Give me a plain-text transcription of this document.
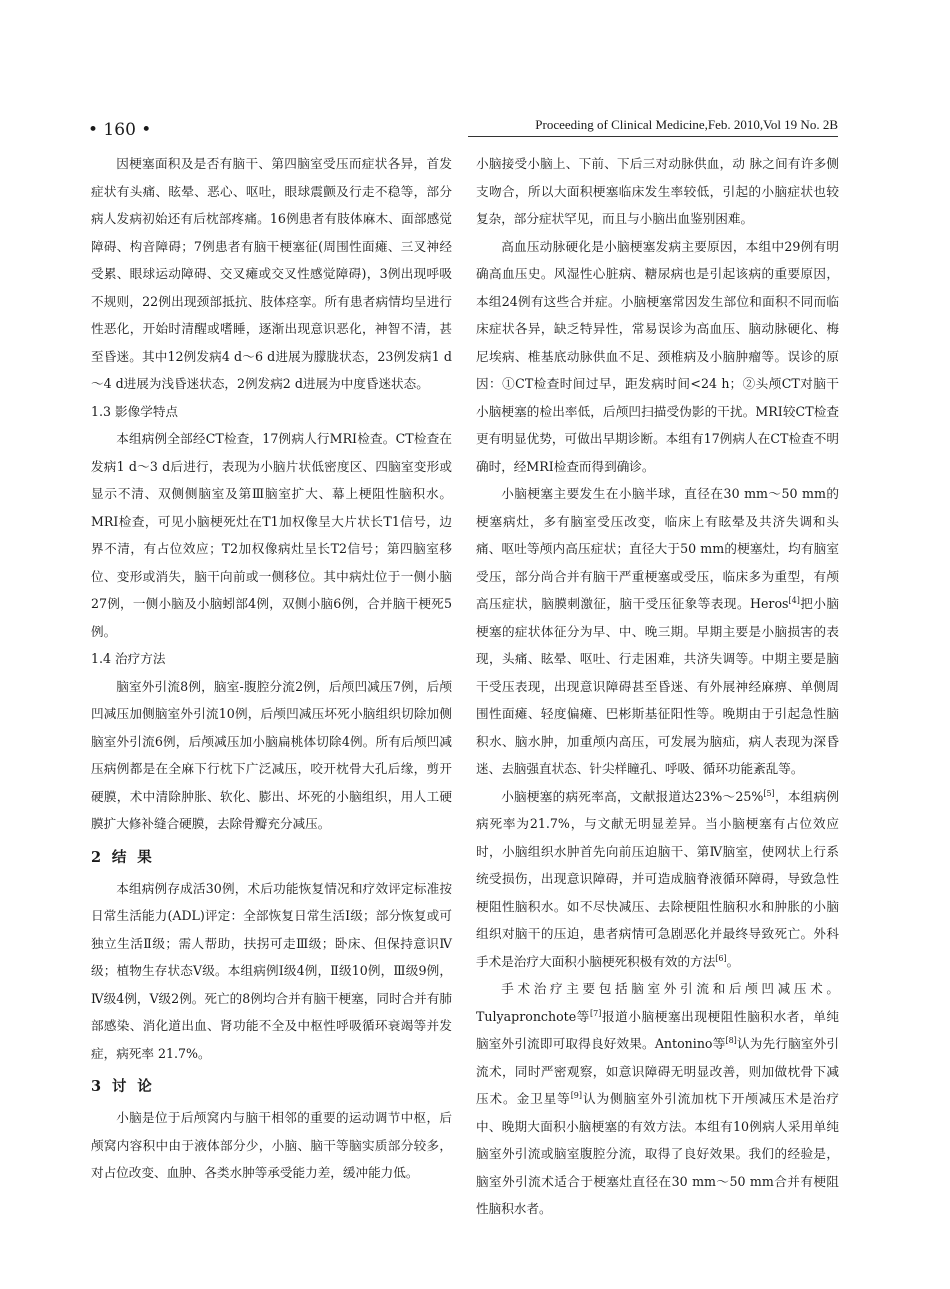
• 160 •	Proceeding of Clinical Medicine,Feb. 2010,Vol 19 No. 2B

因梗塞面积及是否有脑干、第四脑室受压而症状各异，首发症状有头痛、眩晕、恶心、呕吐，眼球震颤及行走不稳等，部分病人发病初始还有后枕部疼痛。16例患者有肢体麻木、面部感觉障碍、构音障碍；7例患者有脑干梗塞征(周围性面瘫、三叉神经受累、眼球运动障碍、交叉瘫或交叉性感觉障碍)，3例出现呼吸不规则，22例出现颈部抵抗、肢体痉挛。所有患者病情均呈进行性恶化，开始时清醒或嗜睡，逐渐出现意识恶化，神智不清，甚至昏迷。其中12例发病4 d～6 d进展为朦胧状态，23例发病1 d～4 d进展为浅昏迷状态，2例发病2 d进展为中度昏迷状态。

1.3 影像学特点

本组病例全部经CT检查，17例病人行MRI检查。CT检查在发病1 d～3 d后进行，表现为小脑片状低密度区、四脑室变形或显示不清、双侧侧脑室及第Ⅲ脑室扩大、幕上梗阻性脑积水。MRI检查，可见小脑梗死灶在T1加权像呈大片状长T1信号，边界不清，有占位效应；T2加权像病灶呈长T2信号；第四脑室移位、变形或消失，脑干向前或一侧移位。其中病灶位于一侧小脑27例，一侧小脑及小脑蚓部4例，双侧小脑6例，合并脑干梗死5例。

1.4 治疗方法

脑室外引流8例，脑室-腹腔分流2例，后颅凹减压7例，后颅凹减压加侧脑室外引流10例，后颅凹减压坏死小脑组织切除加侧脑室外引流6例，后颅减压加小脑扁桃体切除4例。所有后颅凹减压病例都是在全麻下行枕下广泛减压，咬开枕骨大孔后缘，剪开硬膜，术中清除肿胀、软化、膨出、坏死的小脑组织，用人工硬膜扩大修补缝合硬膜，去除骨瓣充分减压。

2 结 果

本组病例存成活30例，术后功能恢复情况和疗效评定标准按日常生活能力(ADL)评定：全部恢复日常生活Ⅰ级；部分恢复或可独立生活Ⅱ级；需人帮助，扶拐可走Ⅲ级；卧床、但保持意识Ⅳ级；植物生存状态Ⅴ级。本组病例Ⅰ级4例，Ⅱ级10例，Ⅲ级9例，Ⅳ级4例，Ⅴ级2例。死亡的8例均合并有脑干梗塞，同时合并有肺部感染、消化道出血、肾功能不全及中枢性呼吸循环衰竭等并发症，病死率 21.7%。

3 讨 论

小脑是位于后颅窝内与脑干相邻的重要的运动调节中枢，后颅窝内容积中由于液体部分少，小脑、脑干等脑实质部分较多，对占位改变、血肿、各类水肿等承受能力差，缓冲能力低。

小脑接受小脑上、下前、下后三对动脉供血，动 脉之间有许多侧支吻合，所以大面积梗塞临床发生率较低，引起的小脑症状也较复杂，部分症状罕见，而且与小脑出血鉴别困难。

高血压动脉硬化是小脑梗塞发病主要原因，本组中29例有明确高血压史。风湿性心脏病、糖尿病也是引起该病的重要原因，本组24例有这些合并症。小脑梗塞常因发生部位和面积不同而临床症状各异，缺乏特异性，常易误诊为高血压、脑动脉硬化、梅尼埃病、椎基底动脉供血不足、颈椎病及小脑肿瘤等。误诊的原因：①CT检查时间过早，距发病时间<24 h；②头颅CT对脑干小脑梗塞的检出率低，后颅凹扫描受伪影的干扰。MRI较CT检查更有明显优势，可做出早期诊断。本组有17例病人在CT检查不明确时，经MRI检查而得到确诊。

小脑梗塞主要发生在小脑半球，直径在30 mm～50 mm的梗塞病灶，多有脑室受压改变，临床上有眩晕及共济失调和头痛、呕吐等颅内高压症状；直径大于50 mm的梗塞灶，均有脑室受压，部分尚合并有脑干严重梗塞或受压，临床多为重型，有颅高压症状，脑膜刺激征，脑干受压征象等表现。Heros[4]把小脑梗塞的症状体征分为早、中、晚三期。早期主要是小脑损害的表现，头痛、眩晕、呕吐、行走困难，共济失调等。中期主要是脑干受压表现，出现意识障碍甚至昏迷、有外展神经麻痹、单侧周围性面瘫、轻度偏瘫、巴彬斯基征阳性等。晚期由于引起急性脑积水、脑水肿，加重颅内高压，可发展为脑疝，病人表现为深昏迷、去脑强直状态、针尖样瞳孔、呼吸、循环功能紊乱等。

小脑梗塞的病死率高，文献报道达23%～25%[5]，本组病例病死率为21.7%，与文献无明显差异。当小脑梗塞有占位效应时，小脑组织水肿首先向前压迫脑干、第Ⅳ脑室，使网状上行系统受损伤，出现意识障碍，并可造成脑脊液循环障碍，导致急性梗阻性脑积水。如不尽快减压、去除梗阻性脑积水和肿胀的小脑组织对脑干的压迫，患者病情可急剧恶化并最终导致死亡。外科手术是治疗大面积小脑梗死积极有效的方法[6]。

手术治疗主要包括脑室外引流和后颅凹减压术。Tulyapronchote等[7]报道小脑梗塞出现梗阻性脑积水者，单纯脑室外引流即可取得良好效果。Antonino等[8]认为先行脑室外引流术，同时严密观察，如意识障碍无明显改善，则加做枕骨下减压术。金卫星等[9]认为侧脑室外引流加枕下开颅减压术是治疗中、晚期大面积小脑梗塞的有效方法。本组有10例病人采用单纯脑室外引流或脑室腹腔分流，取得了良好效果。我们的经验是，脑室外引流术适合于梗塞灶直径在30 mm～50 mm合并有梗阻性脑积水者。
